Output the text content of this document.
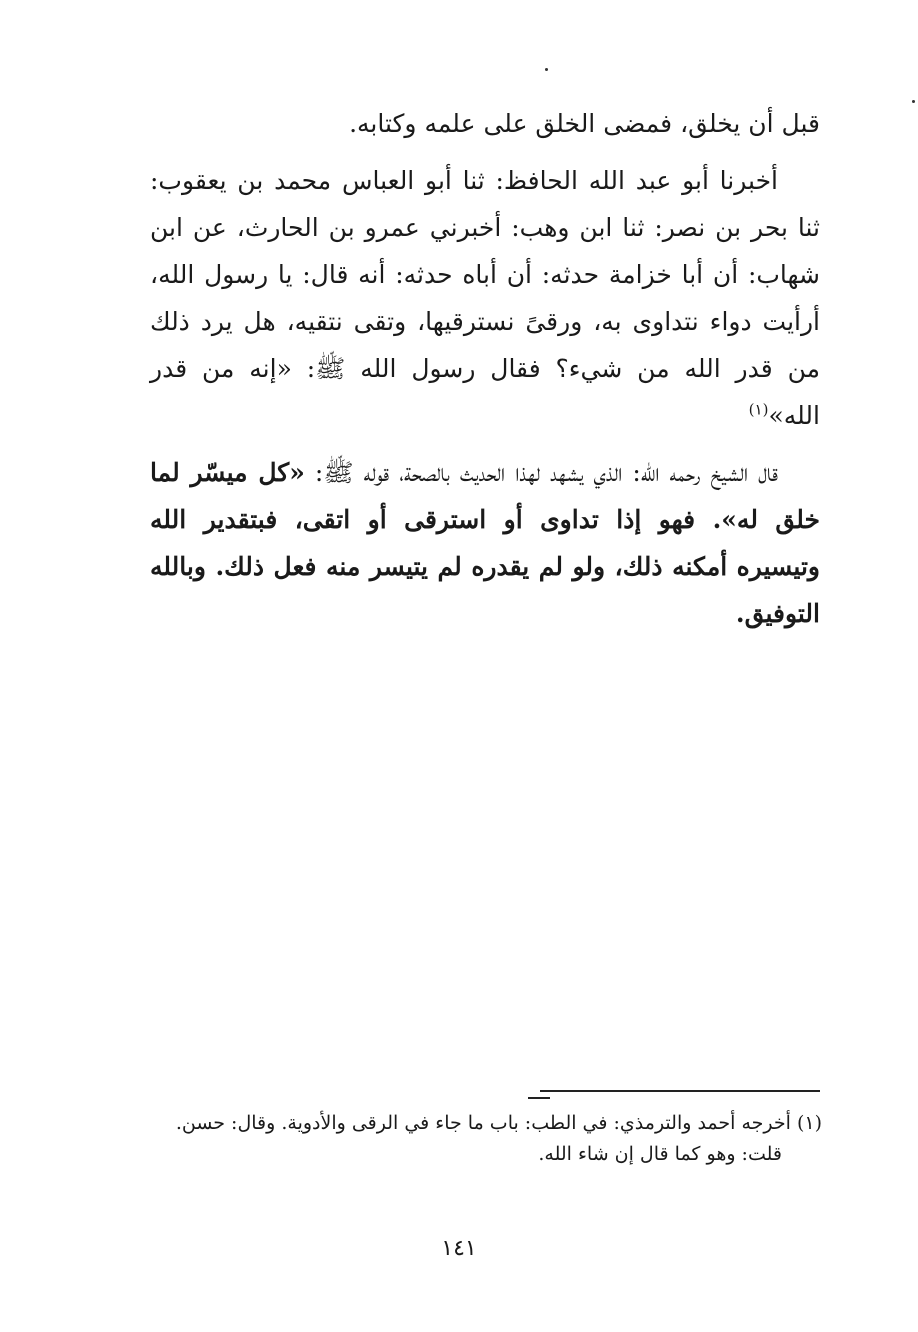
قبل أن يخلق، فمضى الخلق على علمه وكتابه.

أخبرنا أبو عبد الله الحافظ: ثنا أبو العباس محمد بن يعقوب: ثنا بحر بن نصر: ثنا ابن وهب: أخبرني عمرو بن الحارث، عن ابن شهاب: أن أبا خزامة حدثه: أن أباه حدثه: أنه قال: يا رسول الله، أرأيت دواء نتداوى به، ورقىً نسترقيها، وتقى نتقيه، هل يرد ذلك من قدر الله من شيء؟ فقال رسول الله ﷺ: «إنه من قدر الله»$^{(١)}$

قال الشيخ رحمه الله: الذي يشهد لهذا الحديث بالصحة، قوله ﷺ: «كل ميسّر لما خلق له». فهو إذا تداوى أو استرقى أو اتقى، فبتقدير الله وتيسيره أمكنه ذلك، ولو لم يقدره لم يتيسر منه فعل ذلك. وبالله التوفيق.

(١) أخرجه أحمد والترمذي: في الطب: باب ما جاء في الرقى والأدوية. وقال: حسن.
قلت: وهو كما قال إن شاء الله.
١٤١
